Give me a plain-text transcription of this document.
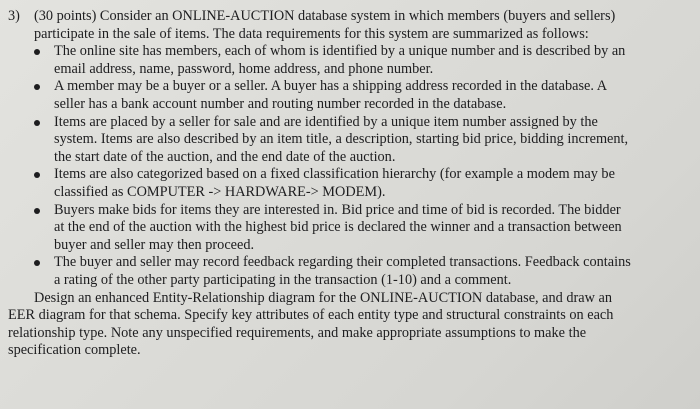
3) (30 points) Consider an ONLINE-AUCTION database system in which members (buyers and sellers)
participate in the sale of items. The data requirements for this system are summarized as follows:
The online site has members, each of whom is identified by a unique number and is described by an
email address, name, password, home address, and phone number.
A member may be a buyer or a seller. A buyer has a shipping address recorded in the database. A
seller has a bank account number and routing number recorded in the database.
Items are placed by a seller for sale and are identified by a unique item number assigned by the
system. Items are also described by an item title, a description, starting bid price, bidding increment,
the start date of the auction, and the end date of the auction.
Items are also categorized based on a fixed classification hierarchy (for example a modem may be
classified as COMPUTER -> HARDWARE-> MODEM).
Buyers make bids for items they are interested in. Bid price and time of bid is recorded. The bidder
at the end of the auction with the highest bid price is declared the winner and a transaction between
buyer and seller may then proceed.
The buyer and seller may record feedback regarding their completed transactions. Feedback contains
a rating of the other party participating in the transaction (1-10) and a comment.
Design an enhanced Entity-Relationship diagram for the ONLINE-AUCTION database, and draw an
EER diagram for that schema. Specify key attributes of each entity type and structural constraints on each
relationship type. Note any unspecified requirements, and make appropriate assumptions to make the
specification complete.
